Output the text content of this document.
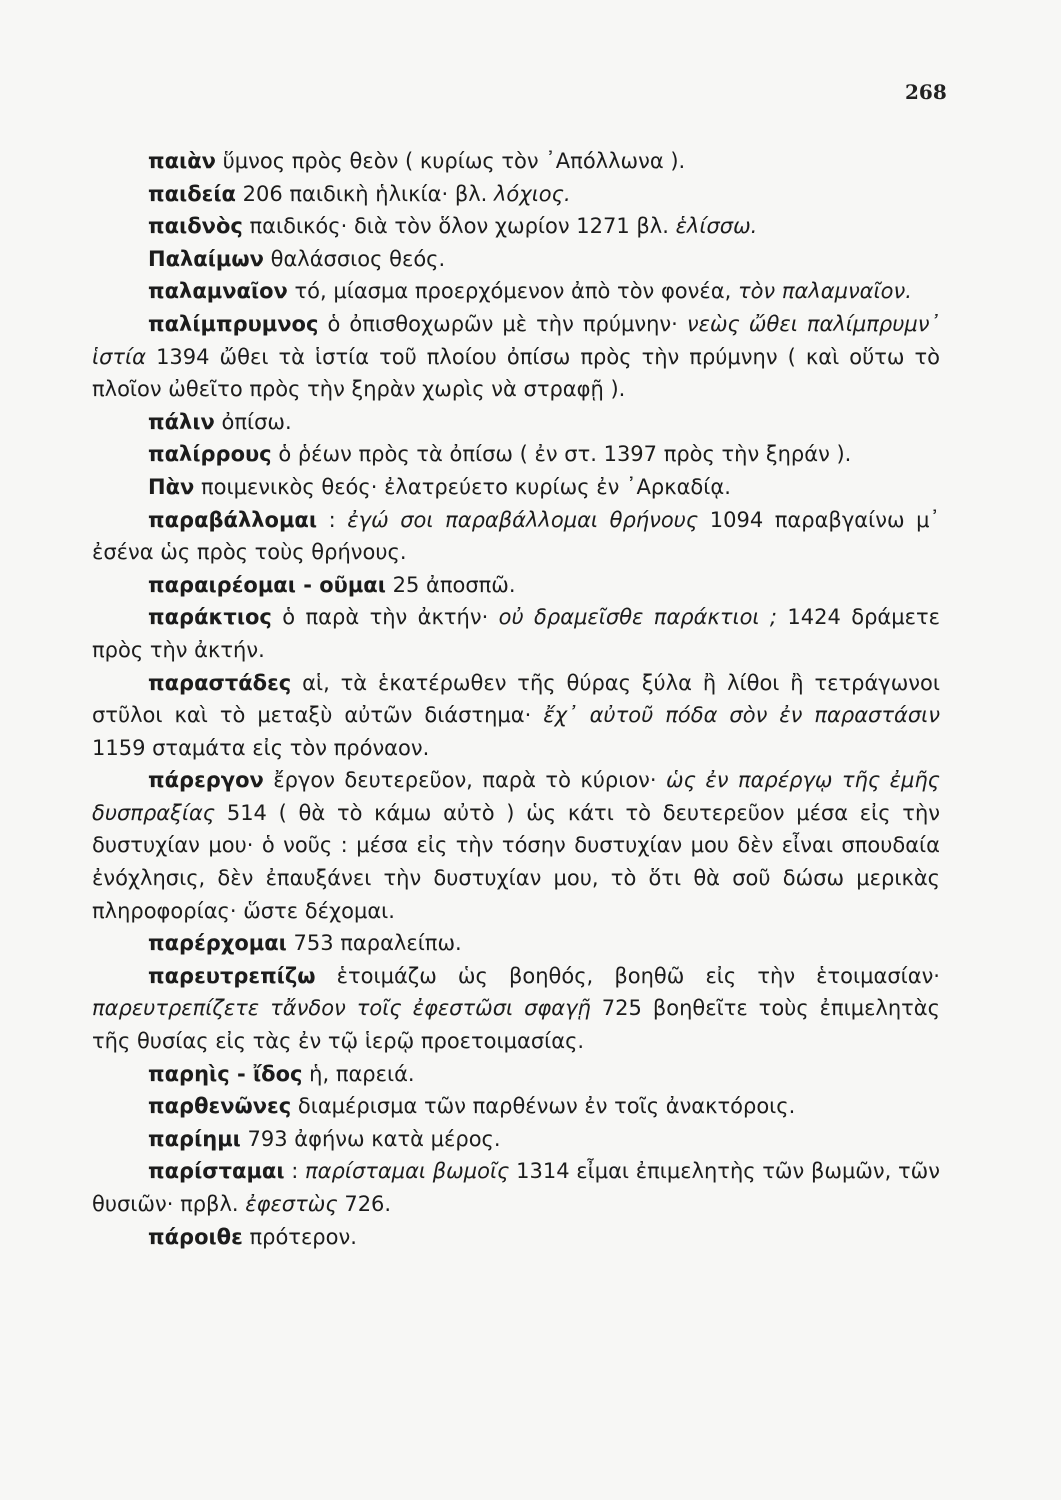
268

παιὰν ὕμνος πρὸς θεὸν ( κυρίως τὸν ᾽Απόλλωνα ).

παιδεία 206 παιδικὴ ἡλικία· βλ. λόχιος.

παιδνὸς παιδικός· διὰ τὸν ὅλον χωρίον 1271 βλ. ἑλίσσω.

Παλαίμων θαλάσσιος θεός.

παλαμναῖον τό, μίασμα προερχόμενον ἀπὸ τὸν φονέα, τὸν παλαμναῖον.

παλίμπρυμνος ὁ ὀπισθοχωρῶν μὲ τὴν πρύμνην· νεὼς ὤθει παλίμπρυμν᾽ ἱστία 1394 ὤθει τὰ ἱστία τοῦ πλοίου ὀπίσω πρὸς τὴν πρύμνην ( καὶ οὕτω τὸ πλοῖον ὠθεῖτο πρὸς τὴν ξηρὰν χωρὶς νὰ στραφῇ ).

πάλιν ὀπίσω.

παλίρρους ὁ ῥέων πρὸς τὰ ὀπίσω ( ἐν στ. 1397 πρὸς τὴν ξηράν ).

Πὰν ποιμενικὸς θεός· ἐλατρεύετο κυρίως ἐν ᾽Αρκαδίᾳ.

παραβάλλομαι : ἐγώ σοι παραβάλλομαι θρήνους 1094 παραβγαίνω μ᾽ ἐσένα ὡς πρὸς τοὺς θρήνους.

παραιρέομαι - οῦμαι 25 ἀποσπῶ.

παράκτιος ὁ παρὰ τὴν ἀκτήν· οὐ δραμεῖσθε παράκτιοι ; 1424 δράμετε πρὸς τὴν ἀκτήν.

παραστάδες αἱ, τὰ ἑκατέρωθεν τῆς θύρας ξύλα ἢ λίθοι ἢ τετράγωνοι στῦλοι καὶ τὸ μεταξὺ αὐτῶν διάστημα· ἔχ᾽ αὐτοῦ πόδα σὸν ἐν παραστάσιν 1159 σταμάτα εἰς τὸν πρόναον.

πάρεργον ἔργον δευτερεῦον, παρὰ τὸ κύριον· ὡς ἐν παρέργῳ τῆς ἐμῆς δυσπραξίας 514 ( θὰ τὸ κάμω αὐτὸ ) ὡς κάτι τὸ δευτερεῦον μέσα εἰς τὴν δυστυχίαν μου· ὁ νοῦς : μέσα εἰς τὴν τόσην δυστυχίαν μου δὲν εἶναι σπουδαία ἐνόχλησις, δὲν ἐπαυξάνει τὴν δυστυχίαν μου, τὸ ὅτι θὰ σοῦ δώσω μερικὰς πληροφορίας· ὥστε δέχομαι.

παρέρχομαι 753 παραλείπω.

παρευτρεπίζω ἑτοιμάζω ὡς βοηθός, βοηθῶ εἰς τὴν ἑτοιμασίαν· παρευτρεπίζετε τἄνδον τοῖς ἐφεστῶσι σφαγῇ 725 βοηθεῖτε τοὺς ἐπιμελητὰς τῆς θυσίας εἰς τὰς ἐν τῷ ἱερῷ προετοιμασίας.

παρηὶς - ἴδος ἡ, παρειά.

παρθενῶνες διαμέρισμα τῶν παρθένων ἐν τοῖς ἀνακτόροις.

παρίημι 793 ἀφήνω κατὰ μέρος.

παρίσταμαι : παρίσταμαι βωμοῖς 1314 εἶμαι ἐπιμελητὴς τῶν βωμῶν, τῶν θυσιῶν· πρβλ. ἐφεστὼς 726.

πάροιθε πρότερον.
